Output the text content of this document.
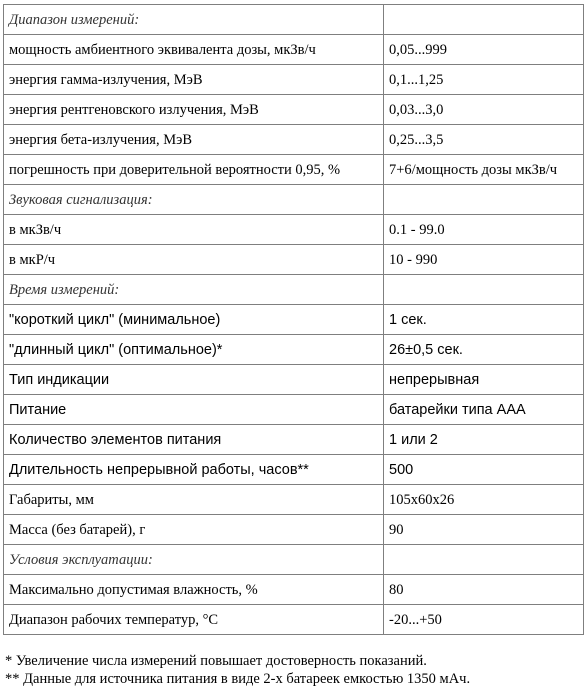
Диапазон измерений:	
мощность амбиентного эквивалента дозы, мкЗв/ч	0,05...999
энергия гамма-излучения, МэВ	0,1...1,25
энергия рентгеновского излучения, МэВ	0,03...3,0
энергия бета-излучения, МэВ	0,25...3,5
погрешность при доверительной вероятности 0,95, %	7+6/мощность дозы мкЗв/ч
Звуковая сигнализация:	
в мкЗв/ч	0.1 - 99.0
в мкР/ч	10 - 990
Время измерений:	
"короткий цикл" (минимальное)	1 сек.
"длинный цикл" (оптимальное)*	26±0,5 сек.
Тип индикации	непрерывная
Питание	батарейки типа ААА
Количество элементов питания	1 или 2
Длительность непрерывной работы, часов**	500
Габариты, мм	105x60x26
Масса (без батарей), г	90
Условия эксплуатации:	
Максимально допустимая влажность, %	80
Диапазон рабочих температур, °С	-20...+50
* Увеличение числа измерений повышает достоверность показаний.
** Данные для источника питания в виде 2-х батареек емкостью 1350 мАч.
